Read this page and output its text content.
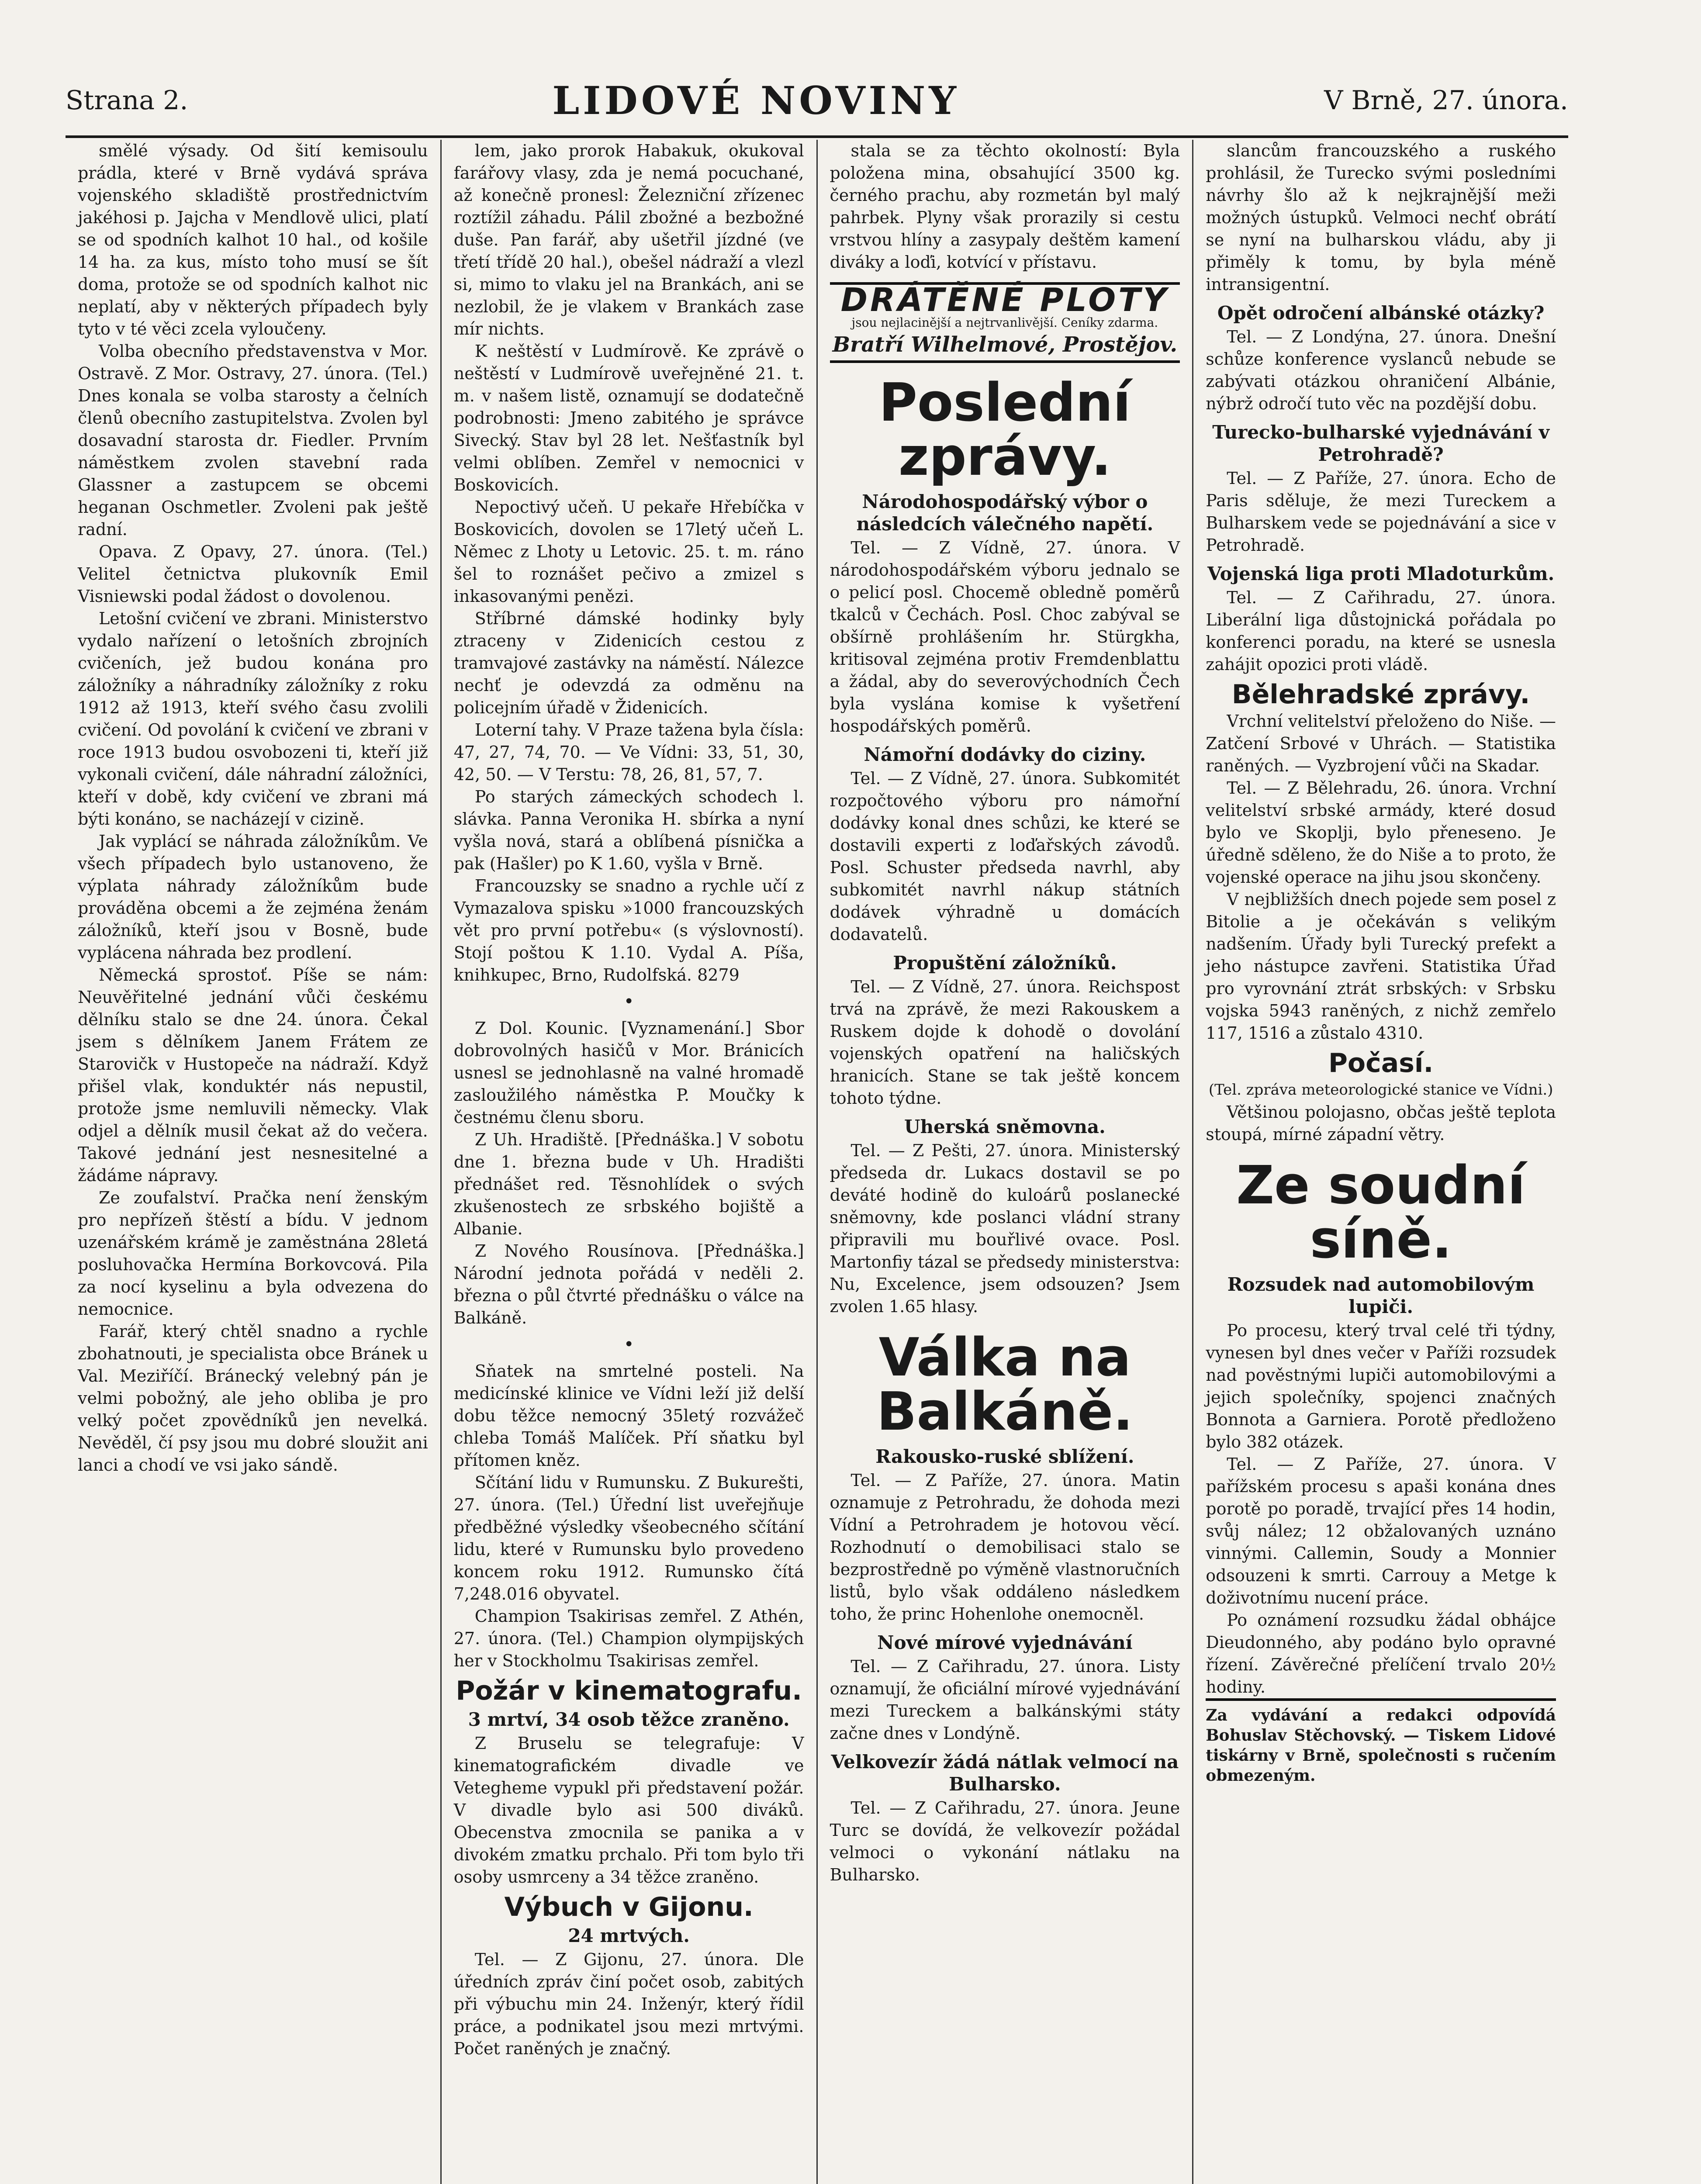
Strana 2.	LIDOVÉ NOVINY	V Brně, 27. února.

smělé výsady. Od šití kemisoulu prádla, které v Brně vydává správa vojenského skladiště prostřednictvím jakéhosi p. Jajcha v Mendlově ulici, platí se od spodních kalhot 10 hal., od košile 14 ha. za kus, místo toho musí se šít doma, protože se od spodních kalhot nic neplatí, aby v některých případech byly tyto v té věci zcela vyloučeny.

Volba obecního představenstva v Mor. Ostravě. Z Mor. Ostravy, 27. února. (Tel.) Dnes konala se volba starosty a čelních členů obecního zastupitelstva. Zvolen byl dosavadní starosta dr. Fiedler. Prvním náměstkem zvolen stavební rada Glassner a zastupcem se obcemi heganan Oschmetler. Zvoleni pak ještě radní.

Opava. Z Opavy, 27. února. (Tel.) Velitel četnictva plukovník Emil Visniewski podal žádost o dovolenou.

Letošní cvičení ve zbrani. Ministerstvo vydalo nařízení o letošních zbrojních cvičeních, jež budou konána pro záložníky a náhradníky záložníky z roku 1912 až 1913, kteří svého času zvolili cvičení. Od povolání k cvičení ve zbrani v roce 1913 budou osvobozeni ti, kteří již vykonali cvičení, dále náhradní záložníci, kteří v době, kdy cvičení ve zbrani má býti konáno, se nacházejí v cizině.

Jak vyplácí se náhrada záložníkům. Ve všech případech bylo ustanoveno, že výplata náhrady záložníkům bude prováděna obcemi a že zejména ženám záložníků, kteří jsou v Bosně, bude vyplácena náhrada bez prodlení.

Německá sprostoť. Píše se nám: Neuvěřitelné jednání vůči českému dělníku stalo se dne 24. února. Čekal jsem s dělníkem Janem Frátem ze Starovičk v Hustopeče na nádraží. Když přišel vlak, konduktér nás nepustil, protože jsme nemluvili německy. Vlak odjel a dělník musil čekat až do večera. Takové jednání jest nesnesitelné a žádáme nápravy.

Ze zoufalství. Pračka není ženským pro nepřízeň štěstí a bídu. V jednom uzenářském krámě je zaměstnána 28letá posluhovačka Hermína Borkovcová. Pila za nocí kyselinu a byla odvezena do nemocnice.

Farář, který chtěl snadno a rychle zbohatnouti, je specialista obce Bránek u Val. Meziříčí. Bránecký velebný pán je velmi pobožný, ale jeho obliba je pro velký počet zpovědníků jen nevelká. Nevěděl, čí psy jsou mu dobré sloužit ani lanci a chodí ve vsi jako sándě.

lem, jako prorok Habakuk, okukoval farářovy vlasy, zda je nemá pocuchané, až konečně pronesl: Železniční zřízenec roztížil záhadu. Pálil zbožné a bezbožné duše. Pan farář, aby ušetřil jízdné (ve třetí třídě 20 hal.), obešel nádraží a vlezl si, mimo to vlaku jel na Brankách, ani se nezlobil, že je vlakem v Brankách zase mír nichts.

K neštěstí v Ludmírově. Ke zprávě o neštěstí v Ludmírově uveřejněné 21. t. m. v našem listě, oznamují se dodatečně podrobnosti: Jmeno zabitého je správce Sivecký. Stav byl 28 let. Nešťastník byl velmi oblíben. Zemřel v nemocnici v Boskovicích.

Nepoctivý učeň. U pekaře Hřebíčka v Boskovicích, dovolen se 17letý učeň L. Němec z Lhoty u Letovic. 25. t. m. ráno šel to roznášet pečivo a zmizel s inkasovanými penězi.

Stříbrné dámské hodinky byly ztraceny v Zidenicích cestou z tramvajové zastávky na náměstí. Nálezce nechť je odevzdá za odměnu na policejním úřadě v Židenicích.

Loterní tahy. V Praze tažena byla čísla: 47, 27, 74, 70. — Ve Vídni: 33, 51, 30, 42, 50. — V Terstu: 78, 26, 81, 57, 7.

Po starých zámeckých schodech l. slávka. Panna Veronika H. sbírka a nyní vyšla nová, stará a oblíbená písnička a pak (Hašler) po K 1.60, vyšla v Brně.

Francouzsky se snadno a rychle učí z Vymazalova spisku »1000 francouzských vět pro první potřebu« (s výslovností). Stojí poštou K 1.10. Vydal A. Píša, knihkupec, Brno, Rudolfská. 8279

•

Z Dol. Kounic. [Vyznamenání.] Sbor dobrovolných hasičů v Mor. Bránicích usnesl se jednohlasně na valné hromadě zasloužilého náměstka P. Moučky k čestnému členu sboru.

Z Uh. Hradiště. [Přednáška.] V sobotu dne 1. března bude v Uh. Hradišti přednášet red. Těsnohlídek o svých zkušenostech ze srbského bojiště a Albanie.

Z Nového Rousínova. [Přednáška.] Národní jednota pořádá v neděli 2. března o půl čtvrté přednášku o válce na Balkáně.

•

Sňatek na smrtelné posteli. Na medicínské klinice ve Vídni leží již delší dobu těžce nemocný 35letý rozvážeč chleba Tomáš Malíček. Pří sňatku byl přítomen kněz.

Sčítání lidu v Rumunsku. Z Bukurešti, 27. února. (Tel.) Úřední list uveřejňuje předběžné výsledky všeobecného sčítání lidu, které v Rumunsku bylo provedeno koncem roku 1912. Rumunsko čítá 7,248.016 obyvatel.

Champion Tsakirisas zemřel. Z Athén, 27. února. (Tel.) Champion olympijských her v Stockholmu Tsakirisas zemřel.

Požár v kinematografu.
3 mrtví, 34 osob těžce zraněno.

Z Bruselu se telegrafuje: V kinematografickém divadle ve Vetegheme vypukl při představení požár. V divadle bylo asi 500 diváků. Obecenstva zmocnila se panika a v divokém zmatku prchalo. Při tom bylo tři osoby usmrceny a 34 těžce zraněno.

Výbuch v Gijonu.
24 mrtvých.

Tel. — Z Gijonu, 27. února. Dle úředních zpráv činí počet osob, zabitých při výbuchu min 24. Inženýr, který řídil práce, a podnikatel jsou mezi mrtvými. Počet raněných je značný.

stala se za těchto okolností: Byla položena mina, obsahující 3500 kg. černého prachu, aby rozmetán byl malý pahrbek. Plyny však prorazily si cestu vrstvou hlíny a zasypaly deštěm kamení diváky a loďi, kotvící v přístavu.

DRÁTĚNÉ PLOTY
jsou nejlacinější a nejtrvanlivější. Ceníky zdarma.
Bratří Wilhelmové, Prostějov.
Poslední zprávy.
Národohospodářský výbor o následcích válečného napětí.

Tel. — Z Vídně, 27. února. V národohospodářském výboru jednalo se o pelicí posl. Chocemě obledně poměrů tkalců v Čechách. Posl. Choc zabýval se obšírně prohlášením hr. Stürgkha, kritisoval zejména protiv Fremdenblattu a žádal, aby do severovýchodních Čech byla vyslána komise k vyšetření hospodářských poměrů.

Námořní dodávky do ciziny.

Tel. — Z Vídně, 27. února. Subkomitét rozpočtového výboru pro námořní dodávky konal dnes schůzi, ke které se dostavili experti z loďařských závodů. Posl. Schuster předseda navrhl, aby subkomitét navrhl nákup státních dodávek výhradně u domácích dodavatelů.

Propuštění záložníků.

Tel. — Z Vídně, 27. února. Reichspost trvá na zprávě, že mezi Rakouskem a Ruskem dojde k dohodě o dovolání vojenských opatření na haličských hranicích. Stane se tak ještě koncem tohoto týdne.

Uherská sněmovna.

Tel. — Z Pešti, 27. února. Ministerský předseda dr. Lukacs dostavil se po deváté hodině do kuloárů poslanecké sněmovny, kde poslanci vládní strany připravili mu bouřlivé ovace. Posl. Martonfiy tázal se předsedy ministerstva: Nu, Excelence, jsem odsouzen? Jsem zvolen 1.65 hlasy.

Válka na Balkáně.
Rakousko-ruské sblížení.

Tel. — Z Paříže, 27. února. Matin oznamuje z Petrohradu, že dohoda mezi Vídní a Petrohradem je hotovou věcí. Rozhodnutí o demobilisaci stalo se bezprostředně po výměně vlastnoručních listů, bylo však oddáleno následkem toho, že princ Hohenlohe onemocněl.

Nové mírové vyjednávání

Tel. — Z Cařihradu, 27. února. Listy oznamují, že oficiální mírové vyjednávání mezi Tureckem a balkánskými státy začne dnes v Londýně.

Velkovezír žádá nátlak velmocí na Bulharsko.

Tel. — Z Cařihradu, 27. února. Jeune Turc se dovídá, že velkovezír požádal velmoci o vykonání nátlaku na Bulharsko.

slancům francouzského a ruského prohlásil, že Turecko svými posledními návrhy šlo až k nejkrajnější meži možných ústupků. Velmoci nechť obrátí se nyní na bulharskou vládu, aby ji přiměly k tomu, by byla méně intransigentní.

Opět odročení albánské otázky?

Tel. — Z Londýna, 27. února. Dnešní schůze konference vyslanců nebude se zabývati otázkou ohraničení Albánie, nýbrž odročí tuto věc na pozdější dobu.

Turecko-bulharské vyjednávání v Petrohradě?

Tel. — Z Paříže, 27. února. Echo de Paris sděluje, že mezi Tureckem a Bulharskem vede se pojednávání a sice v Petrohradě.

Vojenská liga proti Mladoturkům.

Tel. — Z Cařihradu, 27. února. Liberální liga důstojnická pořádala po konferenci poradu, na které se usnesla zahájit opozici proti vládě.

Bělehradské zprávy.

Vrchní velitelství přeloženo do Niše. — Zatčení Srbové v Uhrách. — Statistika raněných. — Vyzbrojení vůči na Skadar.

Tel. — Z Bělehradu, 26. února. Vrchní velitelství srbské armády, které dosud bylo ve Skoplji, bylo přeneseno. Je úředně sděleno, že do Niše a to proto, že vojenské operace na jihu jsou skončeny.

V nejbližších dnech pojede sem posel z Bitolie a je očekáván s velikým nadšením. Úřady byli Turecký prefekt a jeho nástupce zavřeni. Statistika Úřad pro vyrovnání ztrát srbských: v Srbsku vojska 5943 raněných, z nichž zemřelo 117, 1516 a zůstalo 4310.

Počasí.
(Tel. zpráva meteorologické stanice ve Vídni.)

Většinou polojasno, občas ještě teplota stoupá, mírné západní větry.

Ze soudní síně.
Rozsudek nad automobilovým lupiči.

Po procesu, který trval celé tři týdny, vynesen byl dnes večer v Paříži rozsudek nad pověstnými lupiči automobilovými a jejich společníky, spojenci značných Bonnota a Garniera. Porotě předloženo bylo 382 otázek.

Tel. — Z Paříže, 27. února. V pařížském procesu s apaši konána dnes porotě po poradě, trvající přes 14 hodin, svůj nález; 12 obžalovaných uznáno vinnými. Callemin, Soudy a Monnier odsouzeni k smrti. Carrouy a Metge k doživotnímu nucení práce.

Po oznámení rozsudku žádal obhájce Dieudonného, aby podáno bylo opravné řízení. Závěrečné přelíčení trvalo 20½ hodiny.

Za vydávání a redakci odpovídá Bohuslav Stěchovský. — Tiskem Lidové tiskárny v Brně, společnosti s ručením obmezeným.
